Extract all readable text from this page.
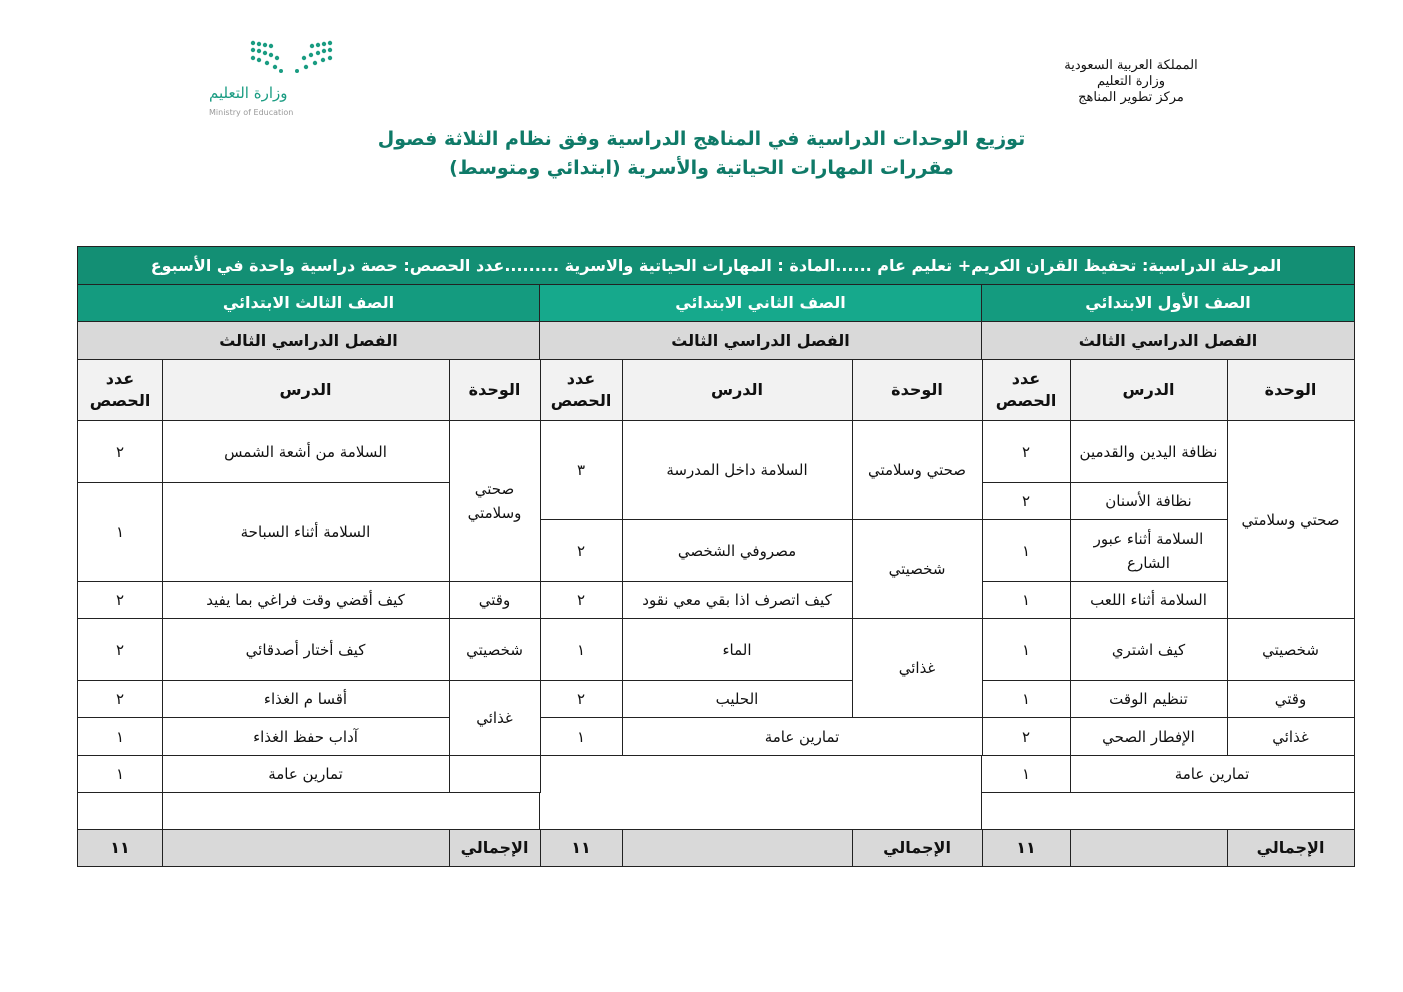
المملكة العربية السعودية
وزارة التعليم
مركز تطوير المناهج
وزارة التعليم
Ministry of Education
توزيع الوحدات الدراسية في المناهج الدراسية وفق نظام الثلاثة فصول
مقررات المهارات الحياتية والأسرية (ابتدائي ومتوسط)
المرحلة الدراسية: تحفيظ القران الكريم+ تعليم عام ......المادة : المهارات الحياتية والاسرية .........عدد الحصص: حصة دراسية واحدة في الأسبوع
الصف الأول الابتدائي
الفصل الدراسي الثالث
الوحدة
الدرس
عدد الحصص
الإجمالي
١١
الصف الثاني الابتدائي
الفصل الدراسي الثالث
الوحدة
الدرس
عدد الحصص
الإجمالي
١١
الصف الثالث الابتدائي
الفصل الدراسي الثالث
الوحدة
الدرس
عدد الحصص
الإجمالي
١١
صحتي وسلامتي
نظافة اليدين والقدمين
٢
نظافة الأسنان
٢
السلامة أثناء عبور الشارع
١
السلامة أثناء اللعب
١
شخصيتي
كيف اشتري
١
وقتي
تنظيم الوقت
١
غذائي
الإفطار الصحي
٢
تمارين عامة
١
صحتي وسلامتي
السلامة داخل المدرسة
٣
شخصيتي
مصروفي الشخصي
٢
كيف اتصرف اذا بقي معي نقود
٢
غذائي
الماء
١
الحليب
٢
تمارين عامة
١
صحتي وسلامتي
السلامة من أشعة الشمس
٢
السلامة أثناء السباحة
١
وقتي
كيف أقضي وقت فراغي بما يفيد
٢
شخصيتي
كيف أختار أصدقائي
٢
غذائي
أقسا م الغذاء
٢
آداب حفظ الغذاء
١
تمارين عامة
١
